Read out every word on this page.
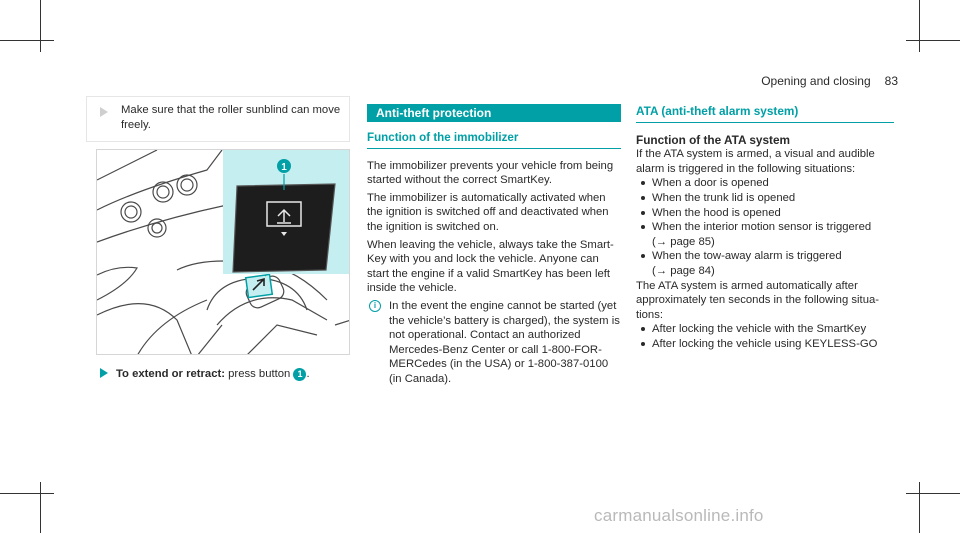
Opening and closing 83
Make sure that the roller sunblind can move freely.
1
To extend or retract: press button 1 .
Anti-theft protection
Function of the immobilizer
The immobilizer prevents your vehicle from being started without the correct SmartKey.
The immobilizer is automatically activated when the ignition is switched off and deactivated when the ignition is switched on.
When leaving the vehicle, always take the Smart-Key with you and lock the vehicle. Anyone can start the engine if a valid SmartKey has been left inside the vehicle.
i	In the event the engine cannot be started (yet the vehicle’s battery is charged), the system is not operational. Contact an authorized Mercedes-Benz Center or call 1-800-FOR-MERCedes (in the USA) or 1-800-387-0100 (in Canada).
ATA (anti-theft alarm system)
Function of the ATA system
If the ATA system is armed, a visual and audible alarm is triggered in the following situations:
When a door is opened
When the trunk lid is opened
When the hood is opened
When the interior motion sensor is triggered
(→ page 85)
When the tow-away alarm is triggered
(→ page 84)
The ATA system is armed automatically after approximately ten seconds in the following situa-tions:
After locking the vehicle with the SmartKey
After locking the vehicle using KEYLESS-GO
carmanualsonline.info
